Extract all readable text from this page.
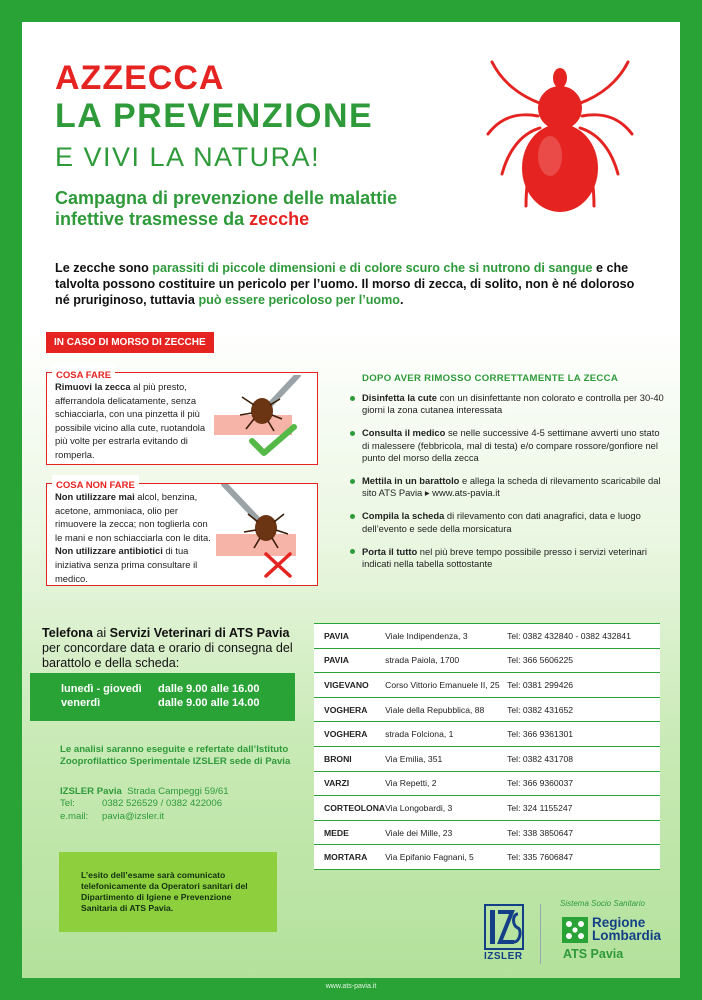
AZZECCA
LA PREVENZIONE
E VIVI LA NATURA!
Campagna di prevenzione delle malattie infettive trasmesse da zecche
Le zecche sono parassiti di piccole dimensioni e di colore scuro che si nutrono di sangue e che talvolta possono costituire un pericolo per l’uomo. Il morso di zecca, di solito, non è né doloroso né pruriginoso, tuttavia può essere pericoloso per l’uomo.
IN CASO DI MORSO DI ZECCHE
COSA FARE
Rimuovi la zecca al più presto, afferrandola delicatamente, senza schiacciarla, con una pinzetta il più possibile vicino alla cute, ruotandola più volte per estrarla evitando di romperla.
COSA NON FARE
Non utilizzare mai alcol, benzina, acetone, ammoniaca, olio per rimuovere la zecca; non toglierla con le mani e non schiacciarla con le dita. Non utilizzare antibiotici di tua iniziativa senza prima consultare il medico.
DOPO AVER RIMOSSO CORRETTAMENTE LA ZECCA
Disinfetta la cute con un disinfettante non colorato e controlla per 30-40 giorni la zona cutanea interessata
Consulta il medico se nelle successive 4-5 settimane avverti uno stato di malessere (febbricola, mal di testa) e/o compare rossore/gonfiore nel punto del morso della zecca
Mettila in un barattolo e allega la scheda di rilevamento scaricabile dal sito ATS Pavia ▸ www.ats-pavia.it
Compila la scheda di rilevamento con dati anagrafici, data e luogo dell’evento e sede della morsicatura
Porta il tutto nel più breve tempo possibile presso i servizi veterinari indicati nella tabella sottostante
Telefona ai Servizi Veterinari di ATS Pavia per concordare data e orario di consegna del barattolo e della scheda:
lunedì - giovedì dalle 9.00 alle 16.00
venerdì	dalle 9.00 alle 14.00
Le analisi saranno eseguite e refertate dall’Istituto Zooprofilattico Sperimentale IZSLER sede di Pavia
IZSLER Pavia Strada Campeggi 59/61
Tel:	0382 526529 / 0382 422006
e.mail: pavia@izsler.it
L’esito dell’esame sarà comunicato telefonicamente da Operatori sanitari del Dipartimento di Igiene e Prevenzione Sanitaria di ATS Pavia.
PAVIA	Viale Indipendenza, 3	Tel: 0382 432840 - 0382 432841
PAVIA	strada Paiola, 1700	Tel: 366 5606225
VIGEVANO	Corso Vittorio Emanuele II, 25	Tel: 0381 299426
VOGHERA	Viale della Repubblica, 88	Tel: 0382 431652
VOGHERA	strada Folciona, 1	Tel: 366 9361301
BRONI	Via Emilia, 351	Tel: 0382 431708
VARZI	Via Repetti, 2	Tel: 366 9360037
CORTEOLONA	Via Longobardi, 3	Tel: 324 1155247
MEDE	Viale dei Mille, 23	Tel: 338 3850647
MORTARA	Via Epifanio Fagnani, 5	Tel: 335 7606847
IZSLER
Sistema Socio Sanitario
Regione
Lombardia
ATS Pavia
www.ats-pavia.it
